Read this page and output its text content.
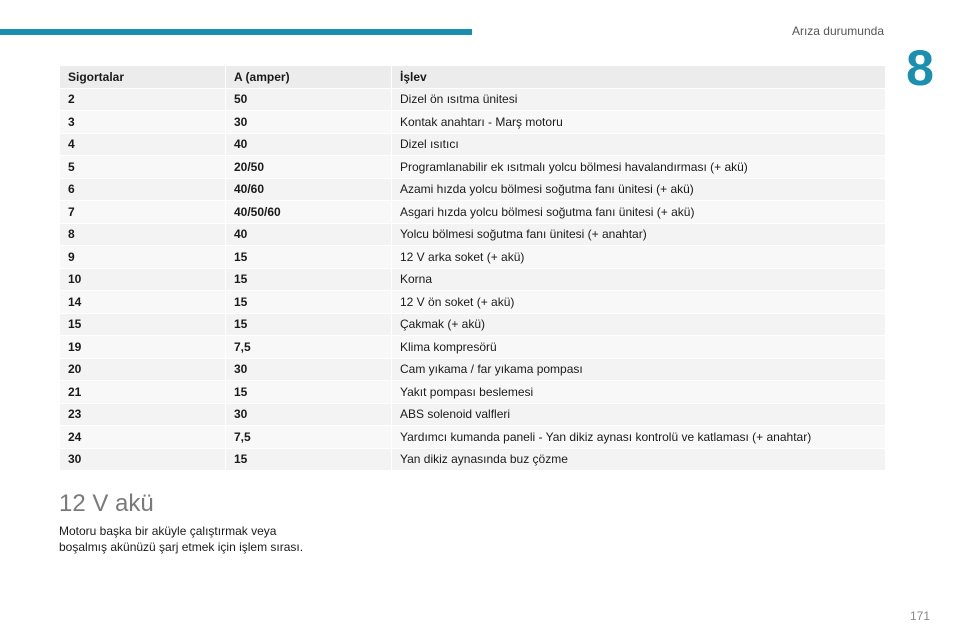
Arıza durumunda
8
Sigortalar	A (amper)	İşlev
2	50	Dizel ön ısıtma ünitesi
3	30	Kontak anahtarı - Marş motoru
4	40	Dizel ısıtıcı
5	20/50	Programlanabilir ek ısıtmalı yolcu bölmesi havalandırması (+ akü)
6	40/60	Azami hızda yolcu bölmesi soğutma fanı ünitesi (+ akü)
7	40/50/60	Asgari hızda yolcu bölmesi soğutma fanı ünitesi (+ akü)
8	40	Yolcu bölmesi soğutma fanı ünitesi (+ anahtar)
9	15	12 V arka soket (+ akü)
10	15	Korna
14	15	12 V ön soket (+ akü)
15	15	Çakmak (+ akü)
19	7,5	Klima kompresörü
20	30	Cam yıkama / far yıkama pompası
21	15	Yakıt pompası beslemesi
23	30	ABS solenoid valfleri
24	7,5	Yardımcı kumanda paneli - Yan dikiz aynası kontrolü ve katlaması (+ anahtar)
30	15	Yan dikiz aynasında buz çözme
12 V akü
Motoru başka bir aküyle çalıştırmak veya boşalmış akünüzü şarj etmek için işlem sırası.
171
